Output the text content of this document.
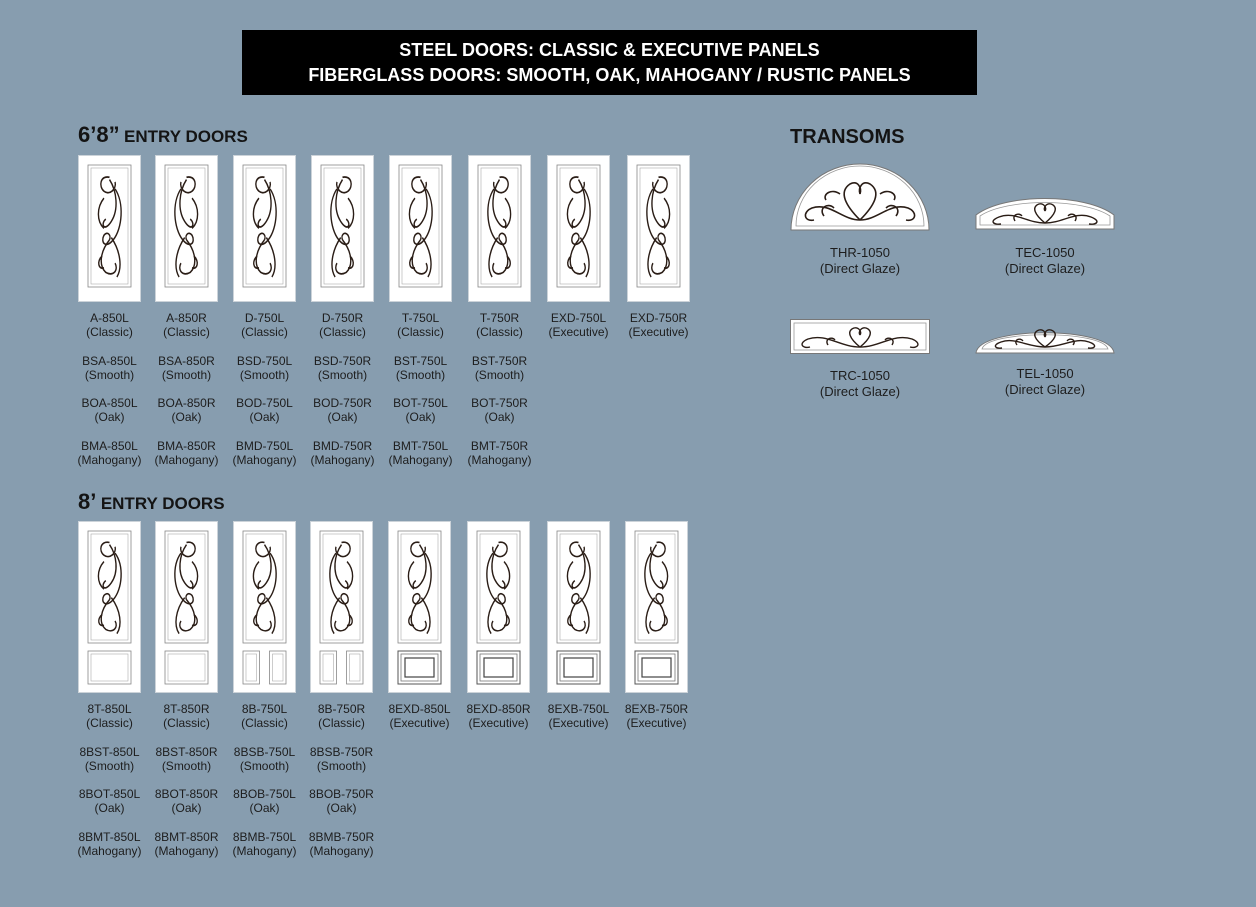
STEEL DOORS: CLASSIC & EXECUTIVE PANELS
FIBERGLASS DOORS: SMOOTH, OAK, MAHOGANY / RUSTIC PANELS
6’8” ENTRY DOORS
8’ ENTRY DOORS
A-850L
(Classic)
BSA-850L
(Smooth)
BOA-850L
(Oak)
BMA-850L
(Mahogany)
A-850R
(Classic)
BSA-850R
(Smooth)
BOA-850R
(Oak)
BMA-850R
(Mahogany)
D-750L
(Classic)
BSD-750L
(Smooth)
BOD-750L
(Oak)
BMD-750L
(Mahogany)
D-750R
(Classic)
BSD-750R
(Smooth)
BOD-750R
(Oak)
BMD-750R
(Mahogany)
T-750L
(Classic)
BST-750L
(Smooth)
BOT-750L
(Oak)
BMT-750L
(Mahogany)
T-750R
(Classic)
BST-750R
(Smooth)
BOT-750R
(Oak)
BMT-750R
(Mahogany)
EXD-750L
(Executive)
EXD-750R
(Executive)
8T-850L
(Classic)
8BST-850L
(Smooth)
8BOT-850L
(Oak)
8BMT-850L
(Mahogany)
8T-850R
(Classic)
8BST-850R
(Smooth)
8BOT-850R
(Oak)
8BMT-850R
(Mahogany)
8B-750L
(Classic)
8BSB-750L
(Smooth)
8BOB-750L
(Oak)
8BMB-750L
(Mahogany)
8B-750R
(Classic)
8BSB-750R
(Smooth)
8BOB-750R
(Oak)
8BMB-750R
(Mahogany)
8EXD-850L
(Executive)
8EXD-850R
(Executive)
8EXB-750L
(Executive)
8EXB-750R
(Executive)
TRANSOMS
THR-1050
(Direct Glaze)
TEC-1050
(Direct Glaze)
TRC-1050
(Direct Glaze)
TEL-1050
(Direct Glaze)
